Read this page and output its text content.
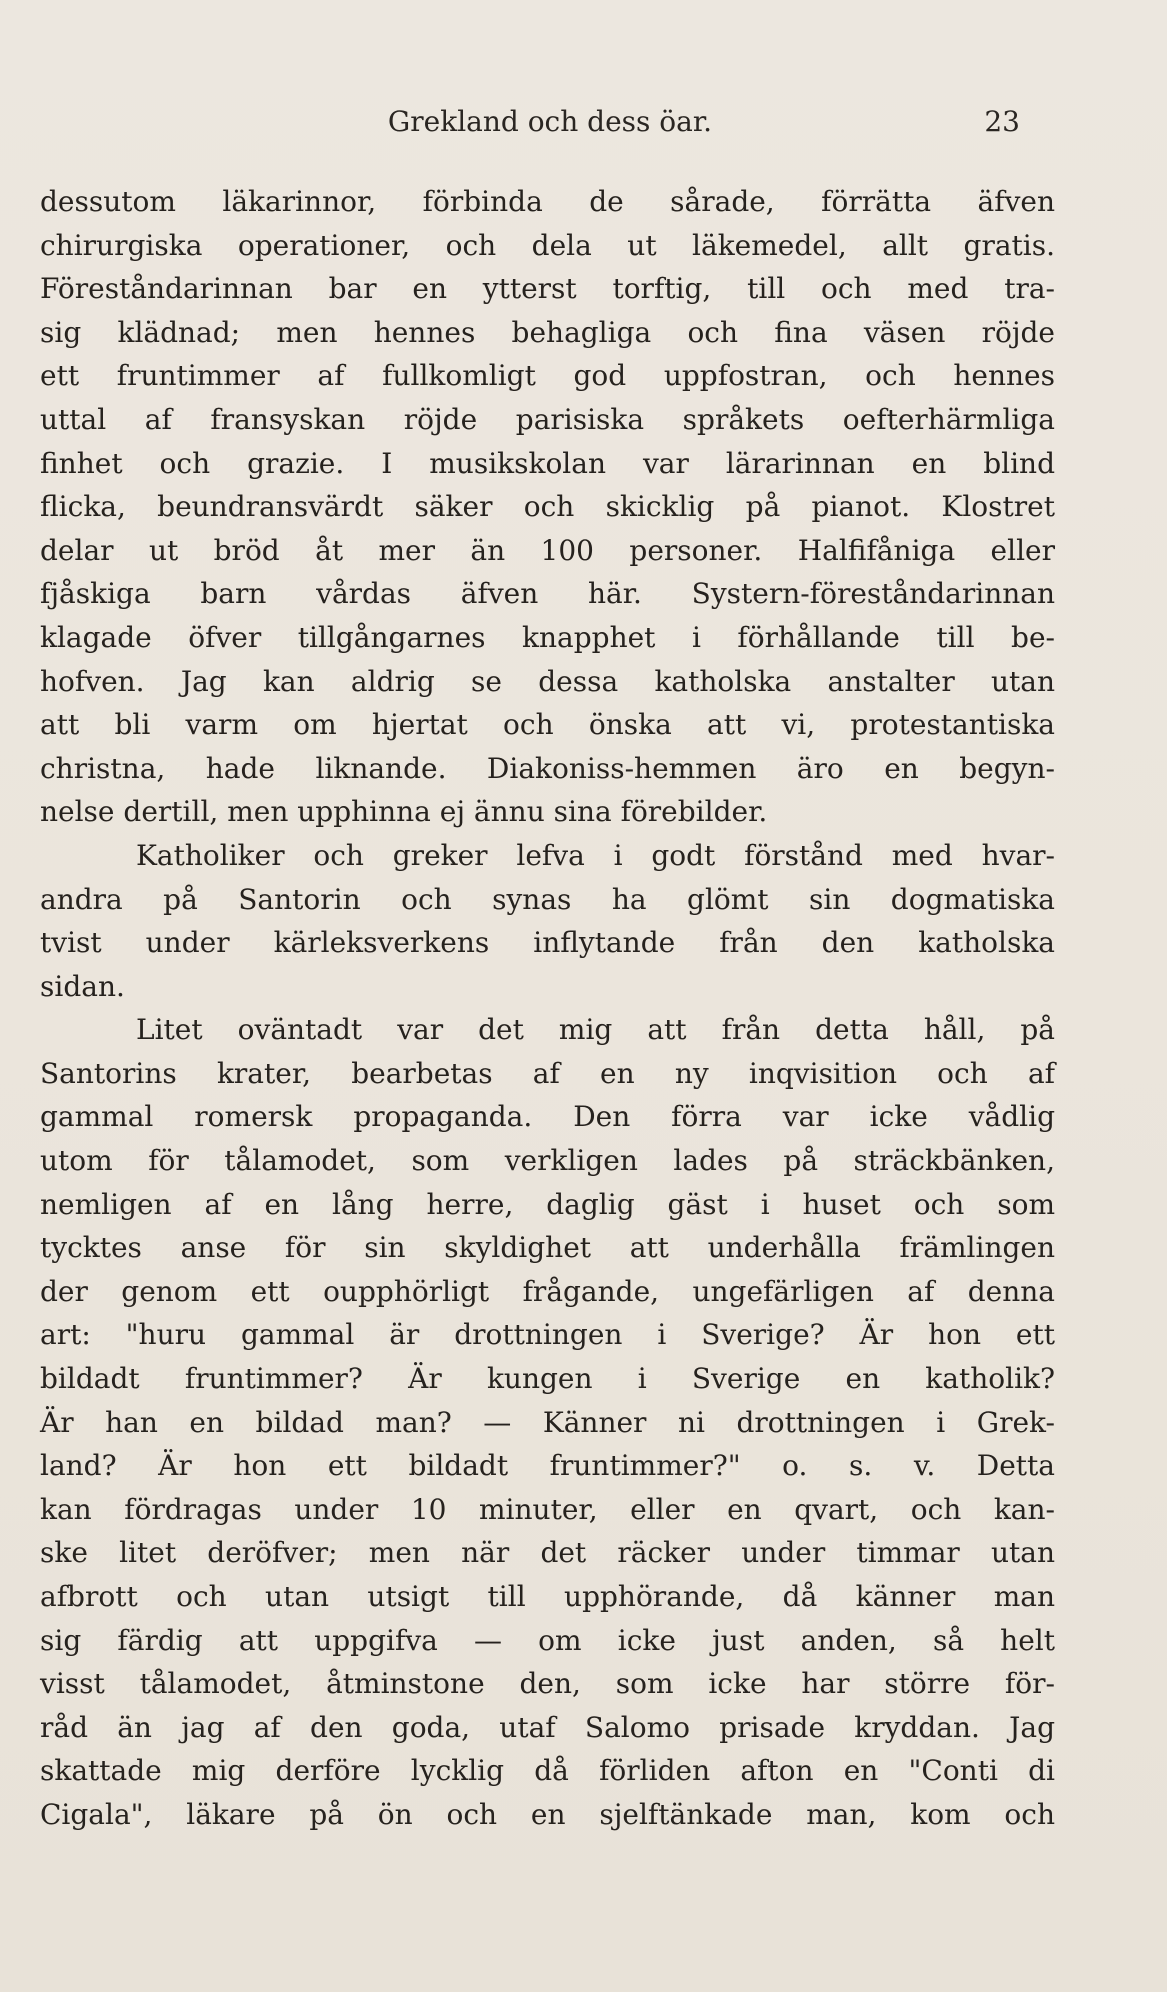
Grekland och dess öar.	23
dessutom läkarinnor, förbinda de sårade, förrätta äfven
chirurgiska operationer, och dela ut läkemedel, allt gratis.
Föreståndarinnan bar en ytterst torftig, till och med tra-
sig klädnad; men hennes behagliga och fina väsen röjde
ett fruntimmer af fullkomligt god uppfostran, och hennes
uttal af fransyskan röjde parisiska språkets oefterhärmliga
finhet och grazie. I musikskolan var lärarinnan en blind
flicka, beundransvärdt säker och skicklig på pianot. Klostret
delar ut bröd åt mer än 100 personer. Halfifåniga eller
fjåskiga barn vårdas äfven här. Systern-föreståndarinnan
klagade öfver tillgångarnes knapphet i förhållande till be-
hofven. Jag kan aldrig se dessa katholska anstalter utan
att bli varm om hjertat och önska att vi, protestantiska
christna, hade liknande. Diakoniss-hemmen äro en begyn-
nelse dertill, men upphinna ej ännu sina förebilder.
Katholiker och greker lefva i godt förstånd med hvar-
andra på Santorin och synas ha glömt sin dogmatiska
tvist under kärleksverkens inflytande från den katholska
sidan.
Litet oväntadt var det mig att från detta håll, på
Santorins krater, bearbetas af en ny inqvisition och af
gammal romersk propaganda. Den förra var icke vådlig
utom för tålamodet, som verkligen lades på sträckbänken,
nemligen af en lång herre, daglig gäst i huset och som
tycktes anse för sin skyldighet att underhålla främlingen
der genom ett oupphörligt frågande, ungefärligen af denna
art: "huru gammal är drottningen i Sverige? Är hon ett
bildadt fruntimmer? Är kungen i Sverige en katholik?
Är han en bildad man? — Känner ni drottningen i Grek-
land? Är hon ett bildadt fruntimmer?" o. s. v. Detta
kan fördragas under 10 minuter, eller en qvart, och kan-
ske litet deröfver; men när det räcker under timmar utan
afbrott och utan utsigt till upphörande, då känner man
sig färdig att uppgifva — om icke just anden, så helt
visst tålamodet, åtminstone den, som icke har större för-
råd än jag af den goda, utaf Salomo prisade kryddan. Jag
skattade mig derföre lycklig då förliden afton en "Conti di
Cigala", läkare på ön och en sjelftänkade man, kom och
